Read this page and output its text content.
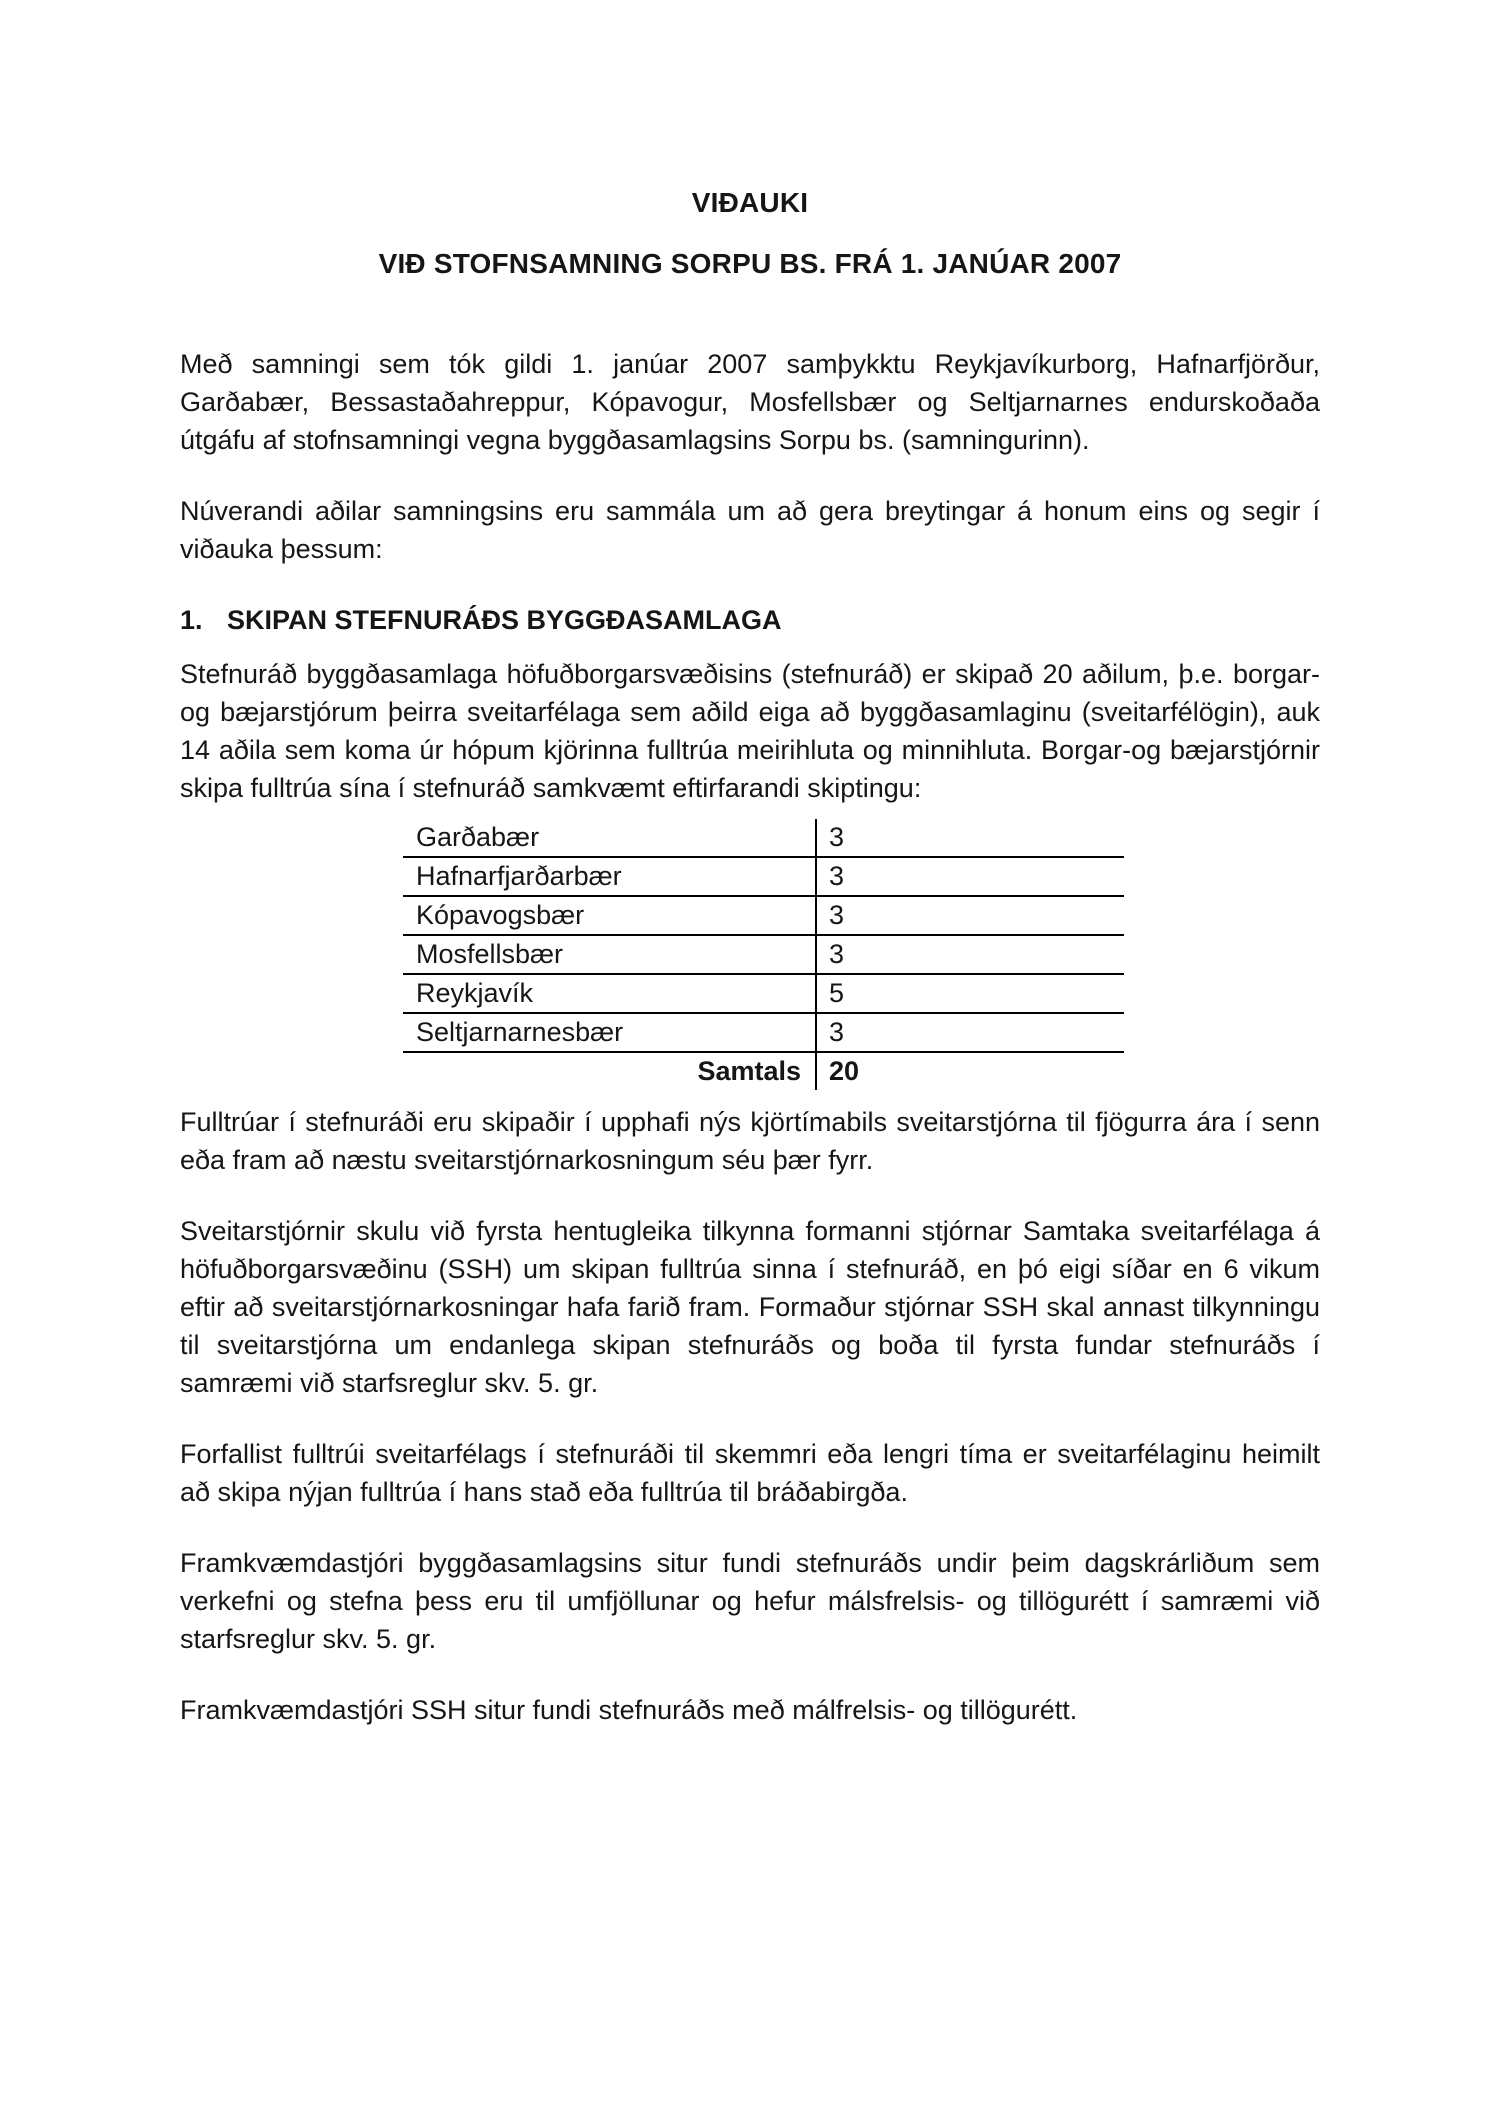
VIÐAUKI
VIÐ STOFNSAMNING SORPU BS. FRÁ 1. JANÚAR 2007

Með samningi sem tók gildi 1. janúar 2007 samþykktu Reykjavíkurborg, Hafnarfjörður, Garðabær, Bessastaðahreppur, Kópavogur, Mosfellsbær og Seltjarnarnes endurskoðaða útgáfu af stofnsamningi vegna byggðasamlagsins Sorpu bs. (samningurinn).

Núverandi aðilar samningsins eru sammála um að gera breytingar á honum eins og segir í viðauka þessum:

1. SKIPAN STEFNURÁÐS BYGGÐASAMLAGA

Stefnuráð byggðasamlaga höfuðborgarsvæðisins (stefnuráð) er skipað 20 aðilum, þ.e. borgar- og bæjarstjórum þeirra sveitarfélaga sem aðild eiga að byggðasamlaginu (sveitarfélögin), auk 14 aðila sem koma úr hópum kjörinna fulltrúa meirihluta og minnihluta. Borgar-og bæjarstjórnir skipa fulltrúa sína í stefnuráð samkvæmt eftirfarandi skiptingu:

Garðabær	3
Hafnarfjarðarbær	3
Kópavogsbær	3
Mosfellsbær	3
Reykjavík	5
Seltjarnarnesbær	3
Samtals	20

Fulltrúar í stefnuráði eru skipaðir í upphafi nýs kjörtímabils sveitarstjórna til fjögurra ára í senn eða fram að næstu sveitarstjórnarkosningum séu þær fyrr.

Sveitarstjórnir skulu við fyrsta hentugleika tilkynna formanni stjórnar Samtaka sveitarfélaga á höfuðborgarsvæðinu (SSH) um skipan fulltrúa sinna í stefnuráð, en þó eigi síðar en 6 vikum eftir að sveitarstjórnarkosningar hafa farið fram. Formaður stjórnar SSH skal annast tilkynningu til sveitarstjórna um endanlega skipan stefnuráðs og boða til fyrsta fundar stefnuráðs í samræmi við starfsreglur skv. 5. gr.

Forfallist fulltrúi sveitarfélags í stefnuráði til skemmri eða lengri tíma er sveitarfélaginu heimilt að skipa nýjan fulltrúa í hans stað eða fulltrúa til bráðabirgða.

Framkvæmdastjóri byggðasamlagsins situr fundi stefnuráðs undir þeim dagskrárliðum sem verkefni og stefna þess eru til umfjöllunar og hefur málsfrelsis- og tillögurétt í samræmi við starfsreglur skv. 5. gr.

Framkvæmdastjóri SSH situr fundi stefnuráðs með málfrelsis- og tillögurétt.
